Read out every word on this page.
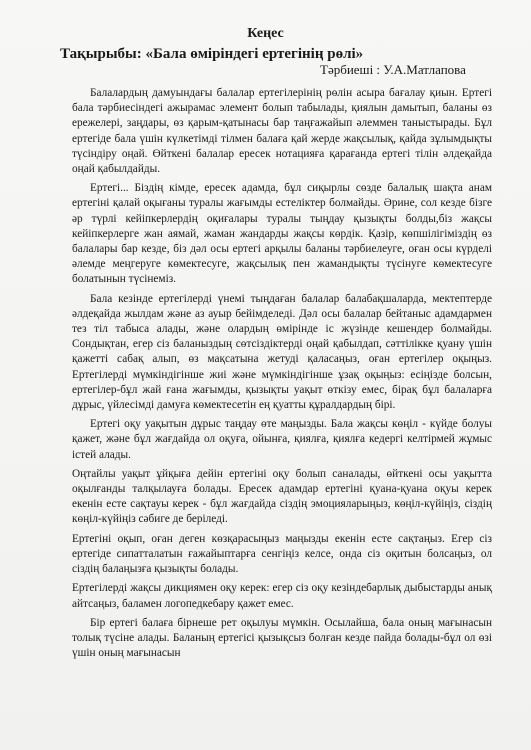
Кеңес
Тақырыбы: «Бала өміріндегі ертегінің рөлі»
Тәрбиеші : У.А.Матлапова

Балалардың дамуындағы балалар ертегілерінің рөлін асыра бағалау қиын. Ертегі бала тәрбиесіндегі ажырамас элемент болып табылады, қиялын дамытып, баланы өз ережелері, заңдары, өз қарым-қатынасы бар таңғажайып әлеммен таныстырады. Бұл ертегіде бала үшін күлкетімді тілмен балаға қай жерде жақсылық, қайда зұлымдықты түсіндіру оңай. Өйткені балалар ересек нотацияға қарағанда ертегі тілін әлдеқайда оңай қабылдайды.

Ертегі... Біздің кімде, ересек адамда, бұл сиқырлы сөзде балалық шақта анам ертегіні қалай оқығаны туралы жағымды естеліктер болмайды. Әрине, сол кезде бізге әр түрлі кейіпкерлердің оқиғалары туралы тыңдау қызықты болды,біз жақсы кейіпкерлерге жан аямай, жаман жандарды жақсы көрдік. Қазір, көпшілігіміздің өз балалары бар кезде, біз дәл осы ертегі арқылы баланы тәрбиелеуге, оған осы күрделі әлемде меңгеруге көмектесуге, жақсылық пен жамандықты түсінуге көмектесуге болатынын түсінеміз.

Бала кезінде ертегілерді үнемі тыңдаған балалар балабақшаларда, мектептерде әлдеқайда жылдам және аз ауыр бейімделеді. Дәл осы балалар бейтаныс адамдармен тез тіл табыса алады, және олардың өмірінде іс жүзінде кешендер болмайды. Сондықтан, егер сіз баланыздың сөтсіздіктерді оңай қабылдап, сәттілікке қуану үшін қажетті сабақ алып, өз мақсатына жетуді қаласаңыз, оған ертегілер оқыңыз. Ертегілерді мүмкіндігінше жиі және мүмкіндігінше ұзақ оқыңыз: есіңізде болсын, ертегілер-бұл жай ғана жағымды, қызықты уақыт өткізу емес, бірақ бұл балаларға дұрыс, үйлесімді дамуға көмектесетін ең қуатты құралдардың бірі.

Ертегі оқу уақытын дұрыс таңдау өте маңызды. Бала жақсы көңіл - күйде болуы қажет, және бұл жағдайда ол оқуға, ойынға, қиялға, қиялға кедергі келтірмей жұмыс істей алады.

Оңтайлы уақыт ұйқыға дейін ертегіні оқу болып саналады, өйткені осы уақытта оқылғанды талқылауға болады. Ересек адамдар ертегіні қуана-қуана оқуы керек екенін есте сақтауы керек - бұл жағдайда сіздің эмоцияларыңыз, көңіл-күйіңіз, сіздің көңіл-күйіңіз сәбиге де беріледі.

Ертегіні оқып, оған деген көзқарасыңыз маңызды екенін есте сақтаңыз. Егер сіз ертегіде сипатталатын ғажайыптарға сенгіңіз келсе, онда сіз оқитын болсаңыз, ол сіздің балаңызға қызықты болады.

Ертегілерді жақсы дикциямен оқу керек: егер сіз оқу кезіндебарлық дыбыстарды анық айтсаңыз, баламен логопедкебару қажет емес.

Бір ертегі балаға бірнеше рет оқылуы мүмкін. Осылайша, бала оның мағынасын толық түсіне алады. Баланың ертегісі қызықсыз болған кезде пайда болады-бұл ол өзі үшін оның мағынасын
